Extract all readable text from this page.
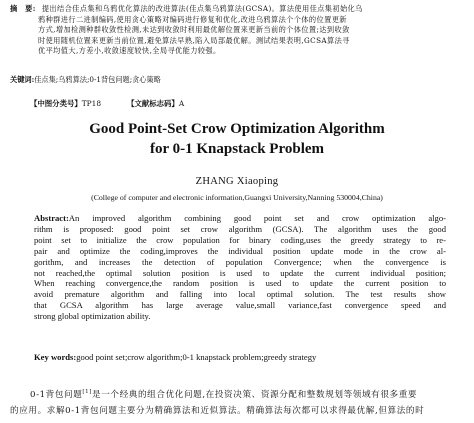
摘　要: 提出结合佳点集和乌鸦优化算法的改进算法(佳点集乌鸦算法(GCSA)。算法使用佳点集初始化乌
鸦种群进行二进制编码,使用贪心策略对编码进行修复和优化,改进乌鸦算法个个体的位置更新
方式,增加检测种群收敛性检测,未达到收敛时利用最优解位置来更新当前的个体位置;达到收敛
时使用随机位置来更新当前位置,避免算法早熟,陷入局部最优解。测试结果表明,GCSA算法寻
优平均值大,方差小,收敛速度较快,全局寻优能力较强。
关键词:佳点集;乌鸦算法;0-1背包问题;贪心策略
【中图分类号】TP18	【文献标志码】A
Good Point-Set Crow Optimization Algorithm
for 0-1 Knapstack Problem
ZHANG Xiaoping
(College of computer and electronic information,Guangxi University,Nanning 530004,China)
Abstract:An improved algorithm combining good point set and crow optimization algo-
rithm is proposed: good point set crow algorithm (GCSA). The algorithm uses the good
point set to initialize the crow population for binary coding,uses the greedy strategy to re-
pair and optimize the coding,improves the individual position update mode in the crow al-
gorithm, and increases the detection of population Convergence; when the convergence is
not reached,the optimal solution position is used to update the current individual position;
When reaching convergence,the random position is used to update the current position to
avoid premature algorithm and falling into local optimal solution. The test results show
that GCSA algorithm has large average value,small variance,fast convergence speed and
strong global optimization ability.
Key words:good point set;crow algorithm;0-1 knapstack problem;greedy strategy
0-1背包问题[1]是一个经典的组合优化问题,在投资决策、资源分配和整数规划等领域有很多重要
的应用。求解0-1背包问题主要分为精确算法和近似算法。精确算法每次都可以求得最优解,但算法的时
